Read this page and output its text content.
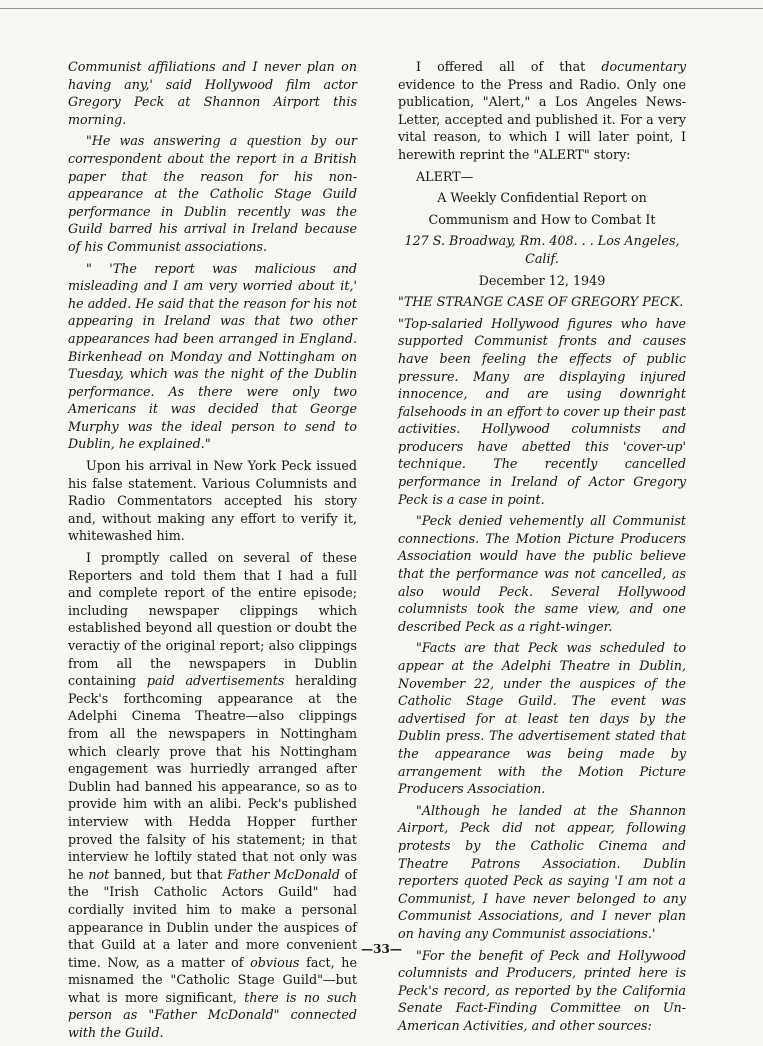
Communist affiliations and I never plan on having any,' said Hollywood film actor Gregory Peck at Shannon Airport this morning.

"He was answering a question by our correspondent about the report in a British paper that the reason for his non-appearance at the Catholic Stage Guild performance in Dublin recently was the Guild barred his arrival in Ireland because of his Communist associations.

" 'The report was malicious and misleading and I am very worried about it,' he added. He said that the reason for his not appearing in Ireland was that two other appearances had been arranged in England. Birkenhead on Monday and Nottingham on Tuesday, which was the night of the Dublin performance. As there were only two Americans it was decided that George Murphy was the ideal person to send to Dublin, he explained."

Upon his arrival in New York Peck issued his false statement. Various Columnists and Radio Commentators accepted his story and, without making any effort to verify it, whitewashed him.

I promptly called on several of these Reporters and told them that I had a full and complete report of the entire episode; including newspaper clippings which established beyond all question or doubt the veractiy of the original report; also clippings from all the newspapers in Dublin containing paid advertisements heralding Peck's forthcoming appearance at the Adelphi Cinema Theatre—also clippings from all the newspapers in Nottingham which clearly prove that his Nottingham engagement was hurriedly arranged after Dublin had banned his appearance, so as to provide him with an alibi. Peck's published interview with Hedda Hopper further proved the falsity of his statement; in that interview he loftily stated that not only was he not banned, but that Father McDonald of the "Irish Catholic Actors Guild" had cordially invited him to make a personal appearance in Dublin under the auspices of that Guild at a later and more convenient time. Now, as a matter of obvious fact, he misnamed the "Catholic Stage Guild"—but what is more significant, there is no such person as "Father McDonald" connected with the Guild.

I offered all of that documentary evidence to the Press and Radio. Only one publication, "Alert," a Los Angeles News-Letter, accepted and published it. For a very vital reason, to which I will later point, I herewith reprint the "ALERT" story:

ALERT—

A Weekly Confidential Report on

Communism and How to Combat It

127 S. Broadway, Rm. 408. . . Los Angeles, Calif.

December 12, 1949

"THE STRANGE CASE OF GREGORY PECK.

"Top-salaried Hollywood figures who have supported Communist fronts and causes have been feeling the effects of public pressure. Many are displaying injured innocence, and are using downright falsehoods in an effort to cover up their past activities. Hollywood columnists and producers have abetted this 'cover-up' technique. The recently cancelled performance in Ireland of Actor Gregory Peck is a case in point.

"Peck denied vehemently all Communist connections. The Motion Picture Producers Association would have the public believe that the performance was not cancelled, as also would Peck. Several Hollywood columnists took the same view, and one described Peck as a right-winger.

"Facts are that Peck was scheduled to appear at the Adelphi Theatre in Dublin, November 22, under the auspices of the Catholic Stage Guild. The event was advertised for at least ten days by the Dublin press. The advertisement stated that the appearance was being made by arrangement with the Motion Picture Producers Association.

"Although he landed at the Shannon Airport, Peck did not appear, following protests by the Catholic Cinema and Theatre Patrons Association. Dublin reporters quoted Peck as saying 'I am not a Communist, I have never belonged to any Communist Associations, and I never plan on having any Communist associations.'

"For the benefit of Peck and Hollywood columnists and Producers, printed here is Peck's record, as reported by the California Senate Fact-Finding Committee on Un-American Activities, and other sources:

—33—
